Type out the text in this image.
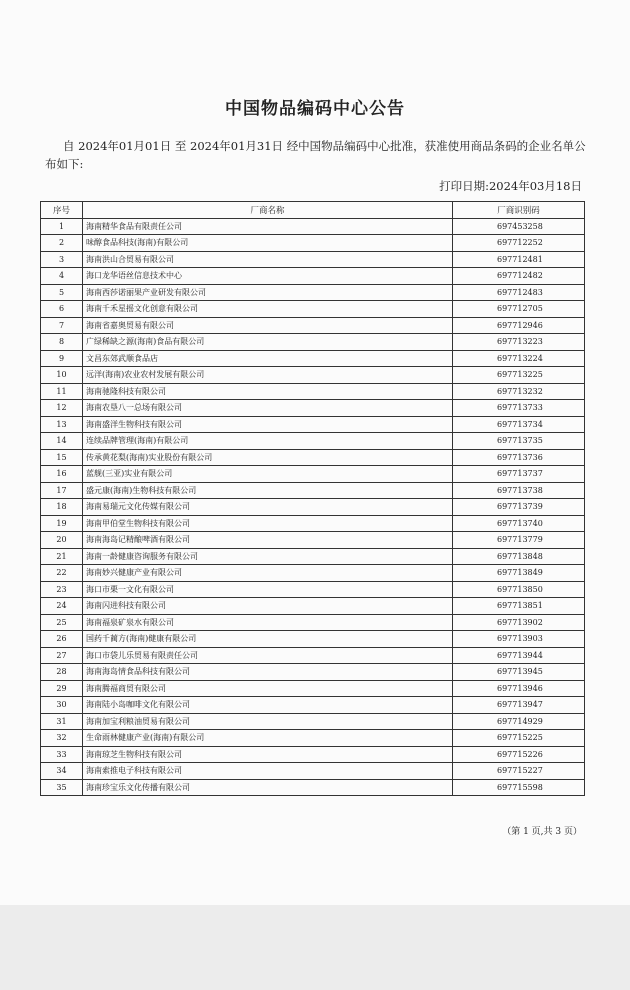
中国物品编码中心公告
自 2024年01月01日 至 2024年01月31日 经中国物品编码中心批准，获准使用商品条码的企业名单公布如下:
打印日期:2024年03月18日
序号	厂商名称	厂商识别码
1	海南精华食品有限责任公司	697453258
2	味醇食品科技(海南)有限公司	697712252
3	海南洪山合贸易有限公司	697712481
4	海口龙华语丝信息技术中心	697712482
5	海南西莎诺丽果产业研发有限公司	697712483
6	海南千禾星摇文化创意有限公司	697712705
7	海南省嘉奥贸易有限公司	697712946
8	广绿稀缺之源(海南)食品有限公司	697713223
9	文昌东郊武顺食品店	697713224
10	远洋(海南)农业农村发展有限公司	697713225
11	海南驰隆科技有限公司	697713232
12	海南农垦八一总场有限公司	697713733
13	海南盛洋生物科技有限公司	697713734
14	连续品牌管理(海南)有限公司	697713735
15	传承黄花梨(海南)实业股份有限公司	697713736
16	蓝舰(三亚)实业有限公司	697713737
17	盛元康(海南)生物科技有限公司	697713738
18	海南易瑞元文化传媒有限公司	697713739
19	海南甲伯堂生物科技有限公司	697713740
20	海南海岛记精酿啤酒有限公司	697713779
21	海南一龄健康咨询服务有限公司	697713848
22	海南妙兴健康产业有限公司	697713849
23	海口市栗一文化有限公司	697713850
24	海南闪进科技有限公司	697713851
25	海南福泉矿泉水有限公司	697713902
26	国药千蔺方(海南)健康有限公司	697713903
27	海口市袋儿乐贸易有限责任公司	697713944
28	海南海岛情食品科技有限公司	697713945
29	海南腾福商贸有限公司	697713946
30	海南陆小岛咖啡文化有限公司	697713947
31	海南加宝利粮油贸易有限公司	697714929
32	生命雨林健康产业(海南)有限公司	697715225
33	海南琼芝生物科技有限公司	697715226
34	海南索推电子科技有限公司	697715227
35	海南珍宝乐文化传播有限公司	697715598
（第 1 页,共 3 页）
